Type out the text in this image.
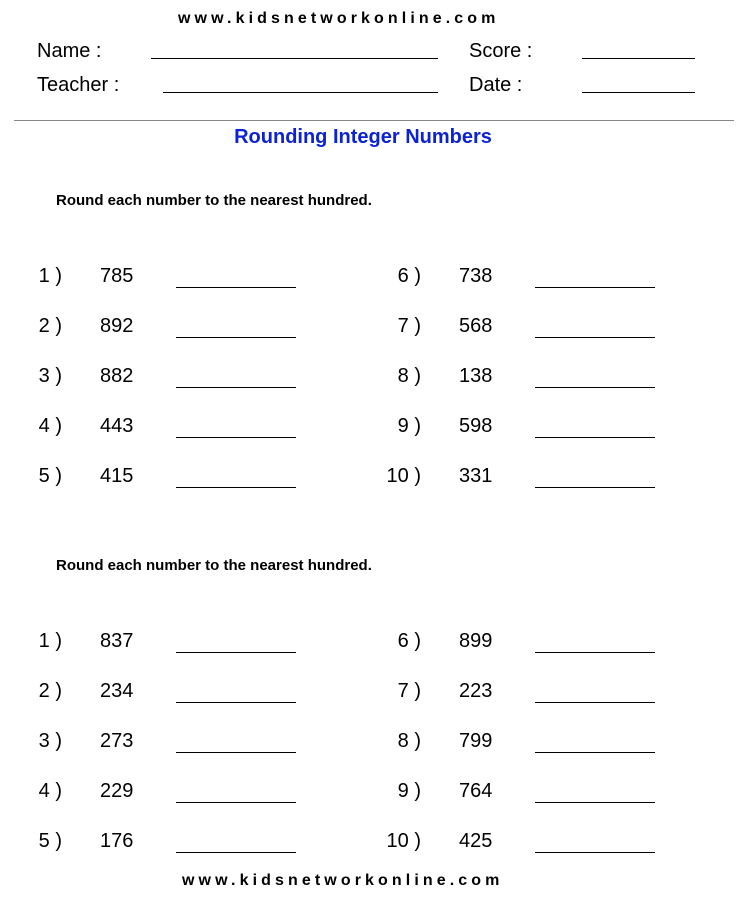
www.kidsnetworkonline.com
Name :	Score :
Teacher :	Date :
Rounding Integer Numbers
Round each number to the nearest hundred.
1 ) 785
2 ) 892
3 ) 882
4 ) 443
5 ) 415
6 ) 738
7 ) 568
8 ) 138
9 ) 598
10 ) 331
Round each number to the nearest hundred.
1 ) 837
2 ) 234
3 ) 273
4 ) 229
5 ) 176
6 ) 899
7 ) 223
8 ) 799
9 ) 764
10 ) 425
www.kidsnetworkonline.com
